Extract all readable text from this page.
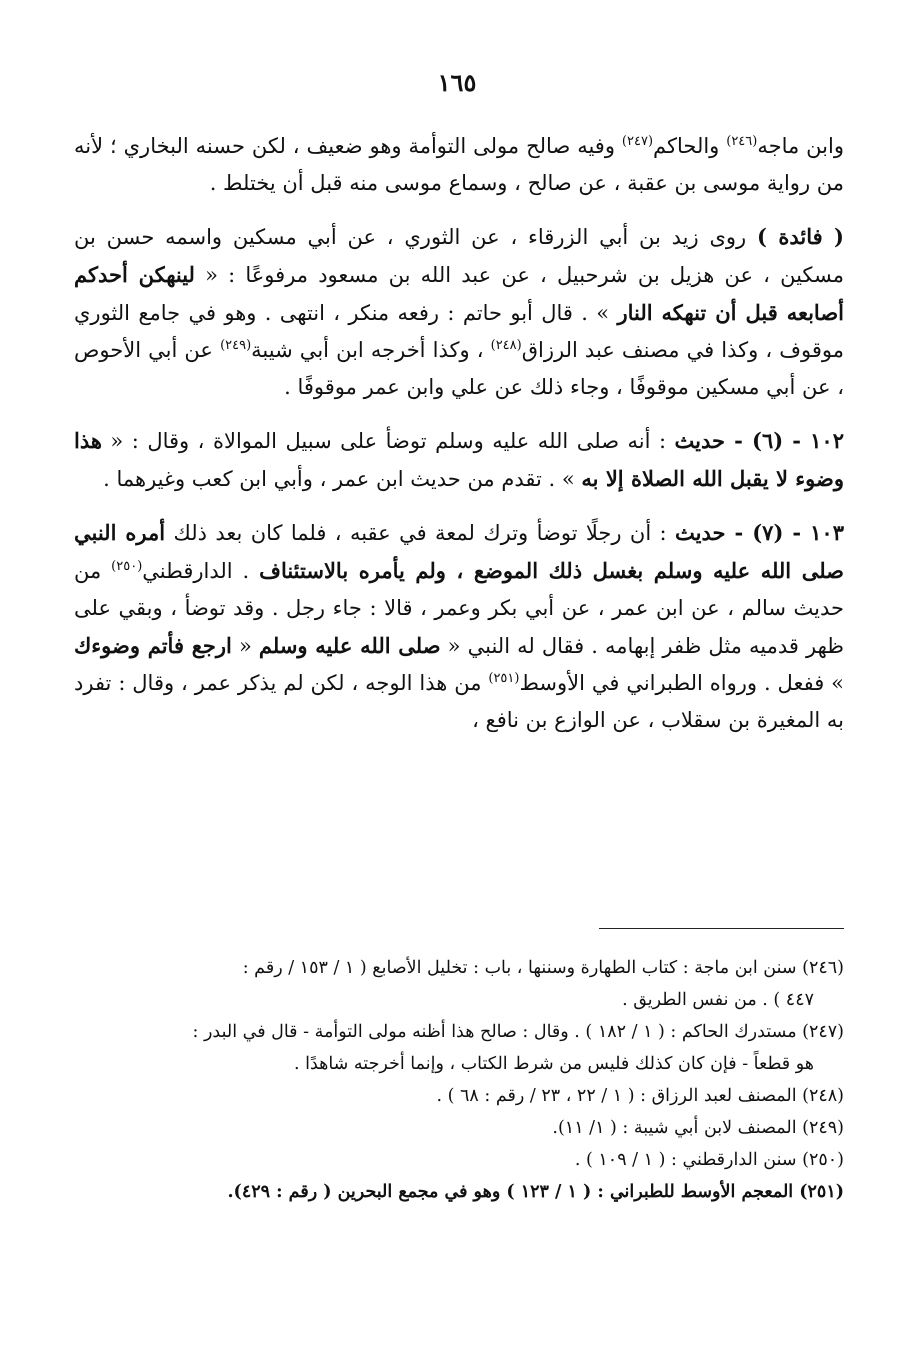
١٦٥

وابن ماجه$^{(٢٤٦)}$ والحاكم$^{(٢٤٧)}$ وفيه صالح مولى التوأمة وهو ضعيف ، لكن حسنه البخاري ؛ لأنه من رواية موسى بن عقبة ، عن صالح ، وسماع موسى منه قبل أن يختلط .

( فائدة ) روى زيد بن أبي الزرقاء ، عن الثوري ، عن أبي مسكين واسمه حسن بن مسكين ، عن هزيل بن شرحبيل ، عن عبد الله بن مسعود مرفوعًا : « لينهكن أحدكم أصابعه قبل أن تنهكه النار » . قال أبو حاتم : رفعه منكر ، انتهى . وهو في جامع الثوري موقوف ، وكذا في مصنف عبد الرزاق$^{(٢٤٨)}$ ، وكذا أخرجه ابن أبي شيبة$^{(٢٤٩)}$ عن أبي الأحوص ، عن أبي مسكين موقوفًا ، وجاء ذلك عن علي وابن عمر موقوفًا .

١٠٢ - (٦) - حديث : أنه صلى الله عليه وسلم توضأ على سبيل الموالاة ، وقال : « هذا وضوء لا يقبل الله الصلاة إلا به » . تقدم من حديث ابن عمر ، وأبي ابن كعب وغيرهما .

١٠٣ - (٧) - حديث : أن رجلًا توضأ وترك لمعة في عقبه ، فلما كان بعد ذلك أمره النبي صلى الله عليه وسلم بغسل ذلك الموضع ، ولم يأمره بالاستئناف . الدارقطني$^{(٢٥٠)}$ من حديث سالم ، عن ابن عمر ، عن أبي بكر وعمر ، قالا : جاء رجل . وقد توضأ ، وبقي على ظهر قدميه مثل ظفر إبهامه . فقال له النبي « صلى الله عليه وسلم « ارجع فأتم وضوءك » ففعل . ورواه الطبراني في الأوسط$^{(٢٥١)}$ من هذا الوجه ، لكن لم يذكر عمر ، وقال : تفرد به المغيرة بن سقلاب ، عن الوازع بن نافع ،

(٢٤٦) سنن ابن ماجة : كتاب الطهارة وسننها ، باب : تخليل الأصابع ( ١ / ١٥٣ / رقم :
٤٤٧ ) . من نفس الطريق .

(٢٤٧) مستدرك الحاكم : ( ١ / ١٨٢ ) . وقال : صالح هذا أظنه مولى التوأمة - قال في البدر :
هو قطعاً - فإن كان كذلك فليس من شرط الكتاب ، وإنما أخرجته شاهدًا .

(٢٤٨) المصنف لعبد الرزاق : ( ١ / ٢٢ ، ٢٣ / رقم : ٦٨ ) .

(٢٤٩) المصنف لابن أبي شيبة : ( ١/ ١١).

(٢٥٠) سنن الدارقطني : ( ١ / ١٠٩ ) .

(٢٥١) المعجم الأوسط للطبراني : ( ١ / ١٢٣ ) وهو في مجمع البحرين ( رقم : ٤٢٩).
